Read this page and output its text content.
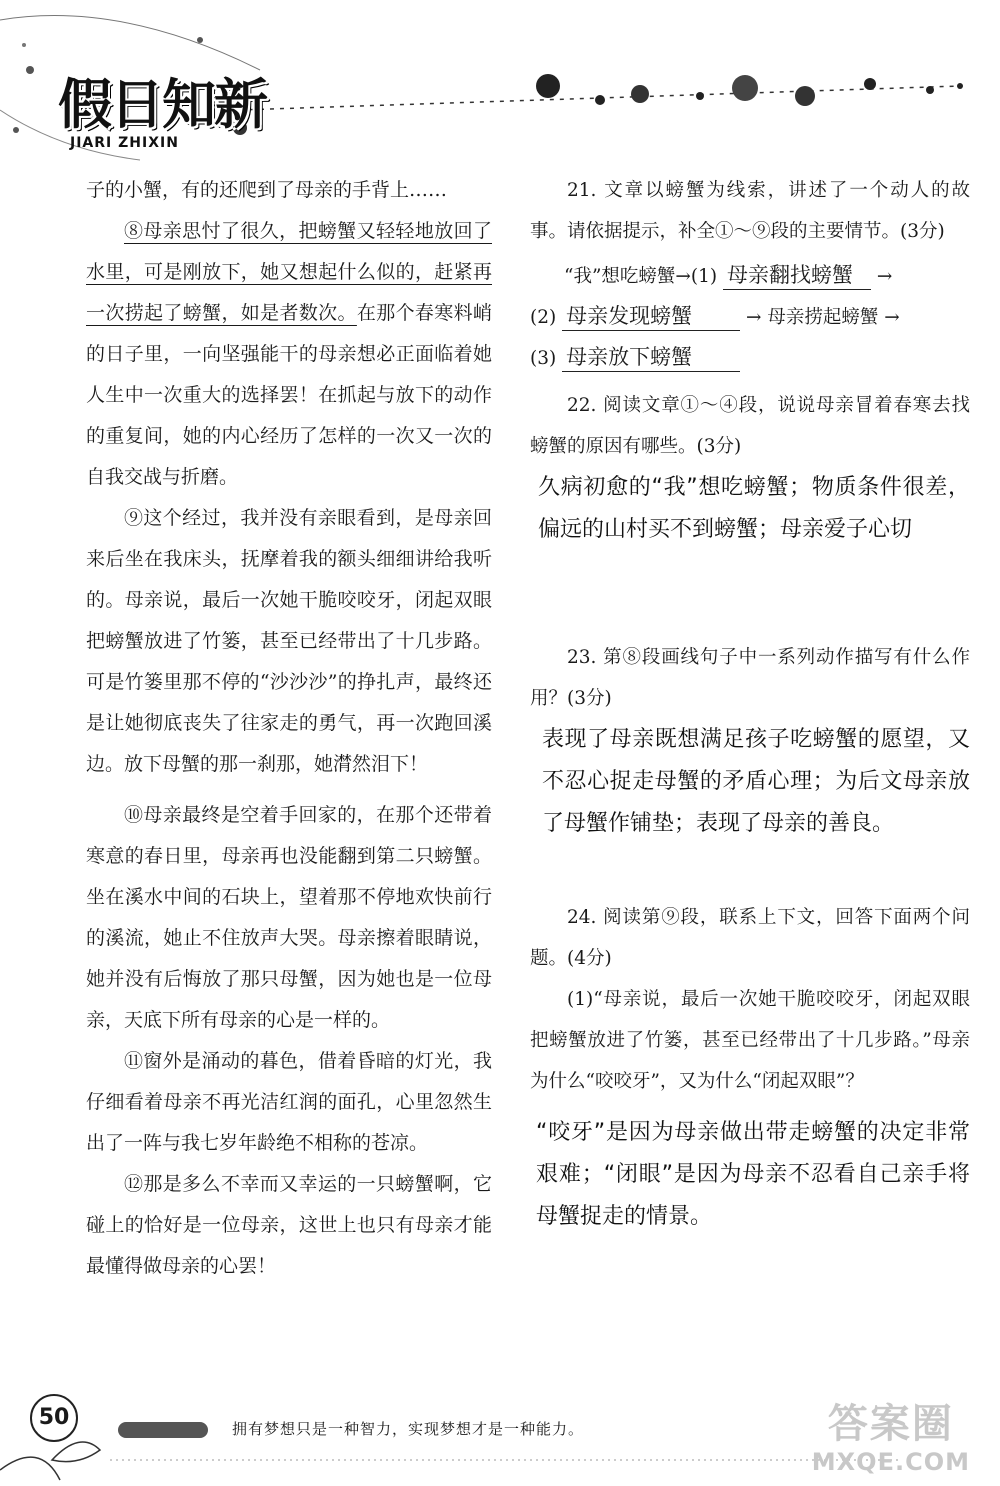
假日知新
JIARI ZHIXIN

子的小蟹，有的还爬到了母亲的手背上……

⑧母亲思忖了很久，把螃蟹又轻轻地放回了水里，可是刚放下，她又想起什么似的，赶紧再一次捞起了螃蟹，如是者数次。在那个春寒料峭的日子里，一向坚强能干的母亲想必正面临着她人生中一次重大的选择罢！在抓起与放下的动作的重复间，她的内心经历了怎样的一次又一次的自我交战与折磨。

⑨这个经过，我并没有亲眼看到，是母亲回来后坐在我床头，抚摩着我的额头细细讲给我听的。母亲说，最后一次她干脆咬咬牙，闭起双眼把螃蟹放进了竹篓，甚至已经带出了十几步路。可是竹篓里那不停的“沙沙沙”的挣扎声，最终还是让她彻底丧失了往家走的勇气，再一次跑回溪边。放下母蟹的那一刹那，她潸然泪下！

⑩母亲最终是空着手回家的，在那个还带着寒意的春日里，母亲再也没能翻到第二只螃蟹。坐在溪水中间的石块上，望着那不停地欢快前行的溪流，她止不住放声大哭。母亲擦着眼睛说，她并没有后悔放了那只母蟹，因为她也是一位母亲，天底下所有母亲的心是一样的。

⑪窗外是涌动的暮色，借着昏暗的灯光，我仔细看着母亲不再光洁红润的面孔，心里忽然生出了一阵与我七岁年龄绝不相称的苍凉。

⑫那是多么不幸而又幸运的一只螃蟹啊，它碰上的恰好是一位母亲，这世上也只有母亲才能最懂得做母亲的心罢！

21. 文章以螃蟹为线索，讲述了一个动人的故事。请依据提示，补全①～⑨段的主要情节。(3分)

“我”想吃螃蟹→(1) 母亲翻找螃蟹 →
(2) 母亲发现螃蟹	→ 母亲捞起螃蟹 →
(3) 母亲放下螃蟹

22. 阅读文章①～④段，说说母亲冒着春寒去找螃蟹的原因有哪些。(3分)

久病初愈的“我”想吃螃蟹；物质条件很差，偏远的山村买不到螃蟹；母亲爱子心切

23. 第⑧段画线句子中一系列动作描写有什么作用？(3分)

表现了母亲既想满足孩子吃螃蟹的愿望，又不忍心捉走母蟹的矛盾心理；为后文母亲放了母蟹作铺垫；表现了母亲的善良。

24. 阅读第⑨段，联系上下文，回答下面两个问题。(4分)

(1)“母亲说，最后一次她干脆咬咬牙，闭起双眼把螃蟹放进了竹篓，甚至已经带出了十几步路。”母亲为什么“咬咬牙”，又为什么“闭起双眼”？

“咬牙”是因为母亲做出带走螃蟹的决定非常艰难；“闭眼”是因为母亲不忍看自己亲手将母蟹捉走的情景。

50	拥有梦想只是一种智力，实现梦想才是一种能力。	答案圈
MXQE.COM
